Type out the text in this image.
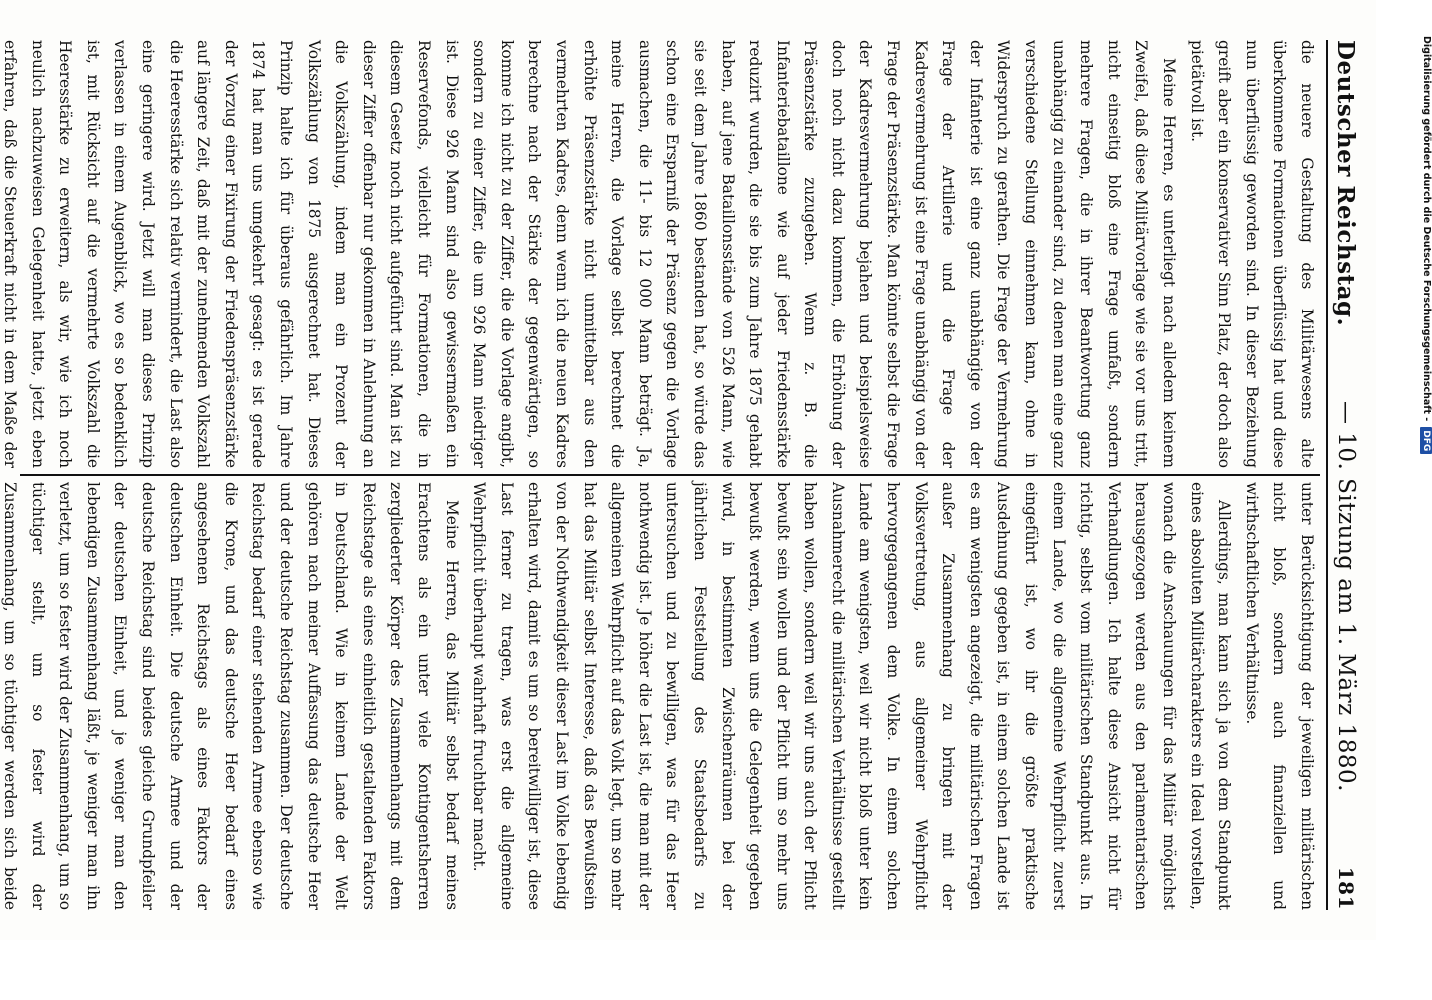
Deutscher Reichstag.
— 10. Sitzung am 1. März 1880.
181

die neuere Gestaltung des Militärwesens alte überkommene Formationen überflüssig hat und diese nun überflüssig geworden sind. In dieser Beziehung greift aber ein konservativer Sinn Platz, der doch also pietätvoll ist.

Meine Herren, es unterliegt nach alledem keinem Zweifel, daß diese Militärvorlage wie sie vor uns tritt, nicht einseitig bloß eine Frage umfaßt, sondern mehrere Fragen, die in ihrer Beantwortung ganz unabhängig zu einander sind, zu denen man eine ganz verschiedene Stellung einnehmen kann, ohne in Widerspruch zu gerathen. Die Frage der Vermehrung der Infanterie ist eine ganz unabhängige von der Frage der Artillerie und die Frage der Kadresvermehrung ist eine Frage unabhängig von der Frage der Präsenzstärke. Man könnte selbst die Frage der Kadresvermehrung bejahen und beispielsweise doch noch nicht dazu kommen, die Erhöhung der Präsenzstärke zuzugeben. Wenn z. B. die Infanteriebataillone wie auf jeder Friedensstärke reduzirt wurden, die sie bis zum Jahre 1875 gehabt haben, auf jene Bataillonsstände von 526 Mann, wie sie seit dem Jahre 1860 bestanden hat, so würde das schon eine Ersparniß der Präsenz gegen die Vorlage ausmachen, die 11- bis 12 000 Mann beträgt. Ja, meine Herren, die Vorlage selbst berechnet die erhöhte Präsenzstärke nicht unmittelbar aus den vermehrten Kadres, denn wenn ich die neuen Kadres berechne nach der Stärke der gegenwärtigen, so komme ich nicht zu der Ziffer, die die Vorlage angibt, sondern zu einer Ziffer, die um 926 Mann niedriger ist. Diese 926 Mann sind also gewissermaßen ein Reservefonds, vielleicht für Formationen, die in diesem Gesetz noch nicht aufgeführt sind. Man ist zu dieser Ziffer offenbar nur gekommen in Anlehnung an die Volkszählung, indem man ein Prozent der Volkszählung von 1875 ausgerechnet hat. Dieses Prinzip halte ich für überaus gefährlich. Im Jahre 1874 hat man uns umgekehrt gesagt: es ist gerade der Vorzug einer Fixirung der Friedenspräsenzstärke auf längere Zeit, daß mit der zunehmenden Volkszahl die Heeresstärke sich relativ vermindert, die Last also eine geringere wird. Jetzt will man dieses Prinzip verlassen in einem Augenblick, wo es so bedenklich ist, mit Rücksicht auf die vermehrte Volkszahl die Heeresstärke zu erweitern, als wir, wie ich noch neulich nachzuweisen Gelegenheit hatte, jetzt eben erfahren, daß die Steuerkraft nicht in dem Maße der

unter Berücksichtigung der jeweiligen militärischen nicht bloß, sondern auch finanziellen und wirthschaftlichen Verhältnisse.

Allerdings, man kann sich ja von dem Standpunkt eines absoluten Militärcharakters ein Ideal vorstellen, wonach die Anschauungen für das Militär möglichst herausgezogen werden aus den parlamentarischen Verhandlungen. Ich halte diese Ansicht nicht für richtig, selbst vom militärischen Standpunkt aus. In einem Lande, wo die allgemeine Wehrpflicht zuerst eingeführt ist, wo ihr die größte praktische Ausdehnung gegeben ist, in einem solchen Lande ist es am wenigsten angezeigt, die militärischen Fragen außer Zusammenhang zu bringen mit der Volksvertretung, aus allgemeiner Wehrpflicht hervorgegangenen dem Volke. In einem solchen Lande am wenigsten, weil wir nicht bloß unter kein Ausnahmerecht die militärischen Verhältnisse gestellt haben wollen, sondern weil wir uns auch der Pflicht bewußt sein wollen und der Pflicht um so mehr uns bewußt werden, wenn uns die Gelegenheit gegeben wird, in bestimmten Zwischenräumen bei der jährlichen Feststellung des Staatsbedarfs zu untersuchen und zu bewilligen, was für das Heer nothwendig ist. Je höher die Last ist, die man mit der allgemeinen Wehrpflicht auf das Volk legt, um so mehr hat das Militär selbst Interesse, daß das Bewußtsein von der Nothwendigkeit dieser Last im Volke lebendig erhalten wird, damit es um so bereitwilliger ist, diese Last ferner zu tragen, was erst die allgemeine Wehrpflicht überhaupt wahrhaft fruchtbar macht.

Meine Herren, das Militär selbst bedarf meines Erachtens als ein unter viele Kontingentsherren zergliederter Körper des Zusammenhangs mit dem Reichstage als eines einheitlich gestaltenden Faktors in Deutschland. Wie in keinem Lande der Welt gehören nach meiner Auffassung das deutsche Heer und der deutsche Reichstag zusammen. Der deutsche Reichstag bedarf einer stehenden Armee ebenso wie die Krone, und das deutsche Heer bedarf eines angesehenen Reichstags als eines Faktors der deutschen Einheit. Die deutsche Armee und der deutsche Reichstag sind beides gleiche Grundpfeiler der deutschen Einheit, und je weniger man den lebendigen Zusammenhang läßt, je weniger man ihn verletzt, um so fester wird der Zusammenhang, um so tüchtiger stellt, um so fester wird der Zusammenhang, um so tüchtiger werden sich beide

Digitalisierung gefördert durch die Deutsche Forschungsgemeinschaft -
DFG
